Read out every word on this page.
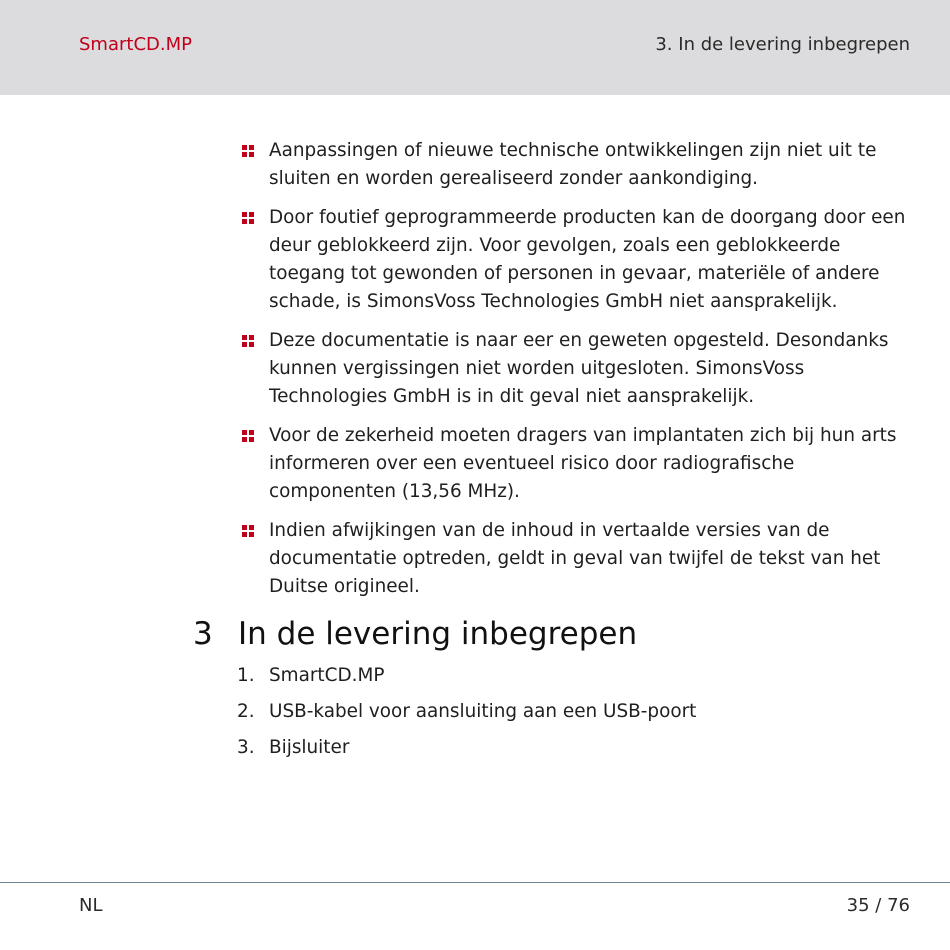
SmartCD.MP	3. In de levering inbegrepen
Aanpassingen of nieuwe technische ontwikkelingen zijn niet uit te sluiten en worden gerealiseerd zonder aankondiging.
Door foutief geprogrammeerde producten kan de doorgang door een deur geblokkeerd zijn. Voor gevolgen, zoals een geblokkeerde toegang tot gewonden of personen in gevaar, materiële of andere schade, is SimonsVoss Technologies GmbH niet aansprakelijk.
Deze documentatie is naar eer en geweten opgesteld. Desondanks kunnen vergissingen niet worden uitgesloten. SimonsVoss Technologies GmbH is in dit geval niet aansprakelijk.
Voor de zekerheid moeten dragers van implantaten zich bij hun arts informeren over een eventueel risico door radiografische componenten (13,56 MHz).
Indien afwijkingen van de inhoud in vertaalde versies van de documentatie optreden, geldt in geval van twijfel de tekst van het Duitse origineel.
3 In de levering inbegrepen
1. SmartCD.MP
2. USB-kabel voor aansluiting aan een USB-poort
3. Bijsluiter
NL	35 / 76
